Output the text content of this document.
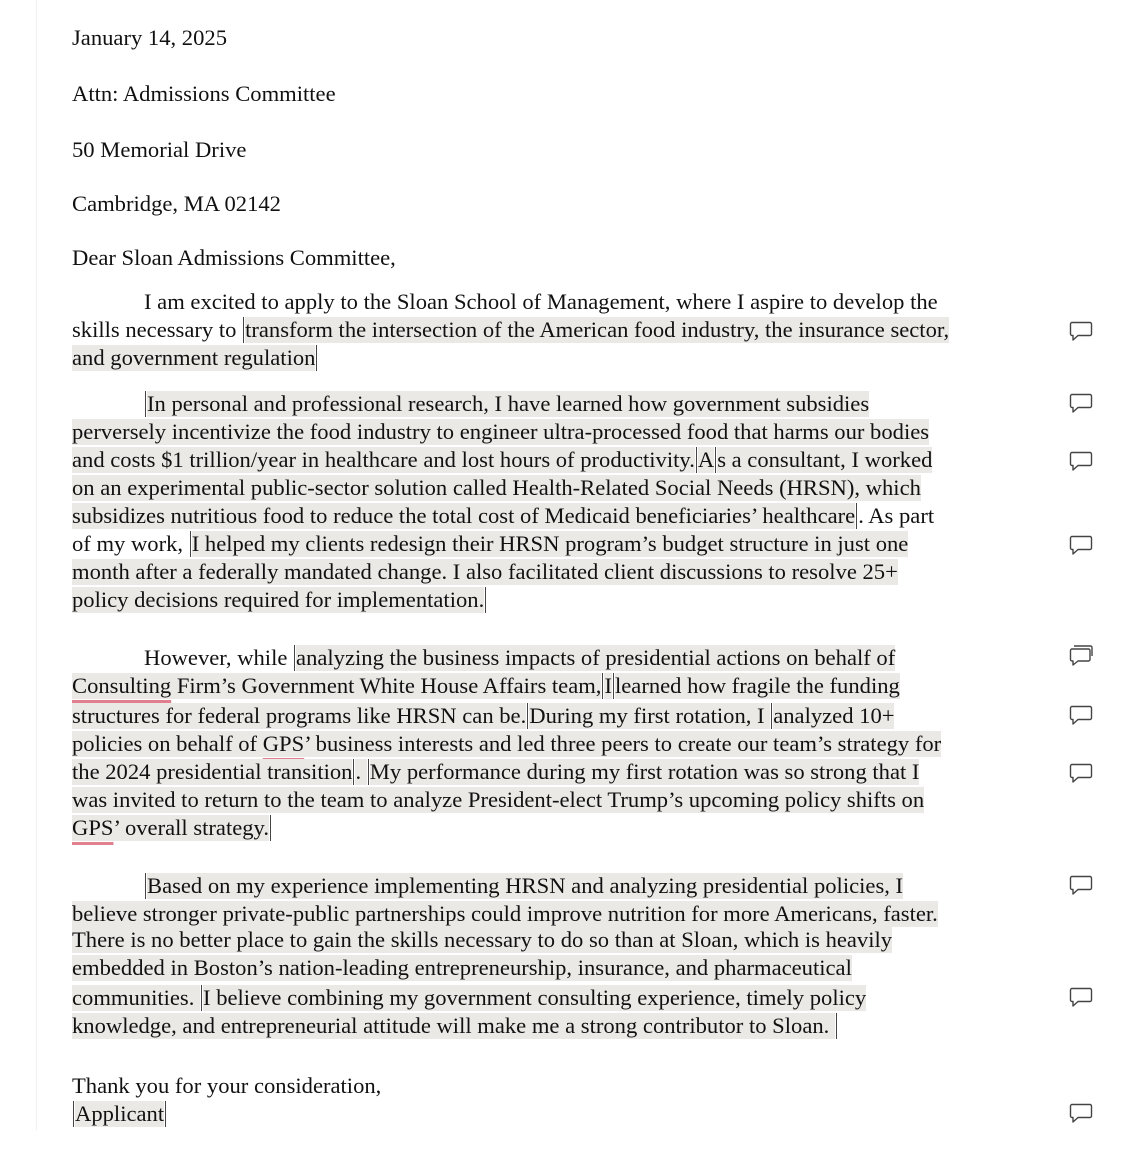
January 14, 2025
Attn: Admissions Committee
50 Memorial Drive
Cambridge, MA 02142
Dear Sloan Admissions Committee,
I am excited to apply to the Sloan School of Management, where I aspire to develop the
skills necessary to transform the intersection of the American food industry, the insurance sector,
and government regulation
In personal and professional research, I have learned how government subsidies
perversely incentivize the food industry to engineer ultra-processed food that harms our bodies
and costs $1 trillion/year in healthcare and lost hours of productivity. A s a consultant, I worked
on an experimental public-sector solution called Health-Related Social Needs (HRSN), which
subsidizes nutritious food to reduce the total cost of Medicaid beneficiaries’ healthcare . As part
of my work, I helped my clients redesign their HRSN program’s budget structure in just one
month after a federally mandated change. I also facilitated client discussions to resolve 25+
policy decisions required for implementation.
However, while analyzing the business impacts of presidential actions on behalf of
Consulting Firm’s Government White House Affairs team, I learned how fragile the funding
structures for federal programs like HRSN can be. During my first rotation, I analyzed 10+
policies on behalf of GPS’ business interests and led three peers to create our team’s strategy for
the 2024 presidential transition . My performance during my first rotation was so strong that I
was invited to return to the team to analyze President-elect Trump’s upcoming policy shifts on
GPS’ overall strategy.
Based on my experience implementing HRSN and analyzing presidential policies, I
believe stronger private-public partnerships could improve nutrition for more Americans, faster.
There is no better place to gain the skills necessary to do so than at Sloan, which is heavily
embedded in Boston’s nation-leading entrepreneurship, insurance, and pharmaceutical
communities. I believe combining my government consulting experience, timely policy
knowledge, and entrepreneurial attitude will make me a strong contributor to Sloan.
Thank you for your consideration,
Applicant
